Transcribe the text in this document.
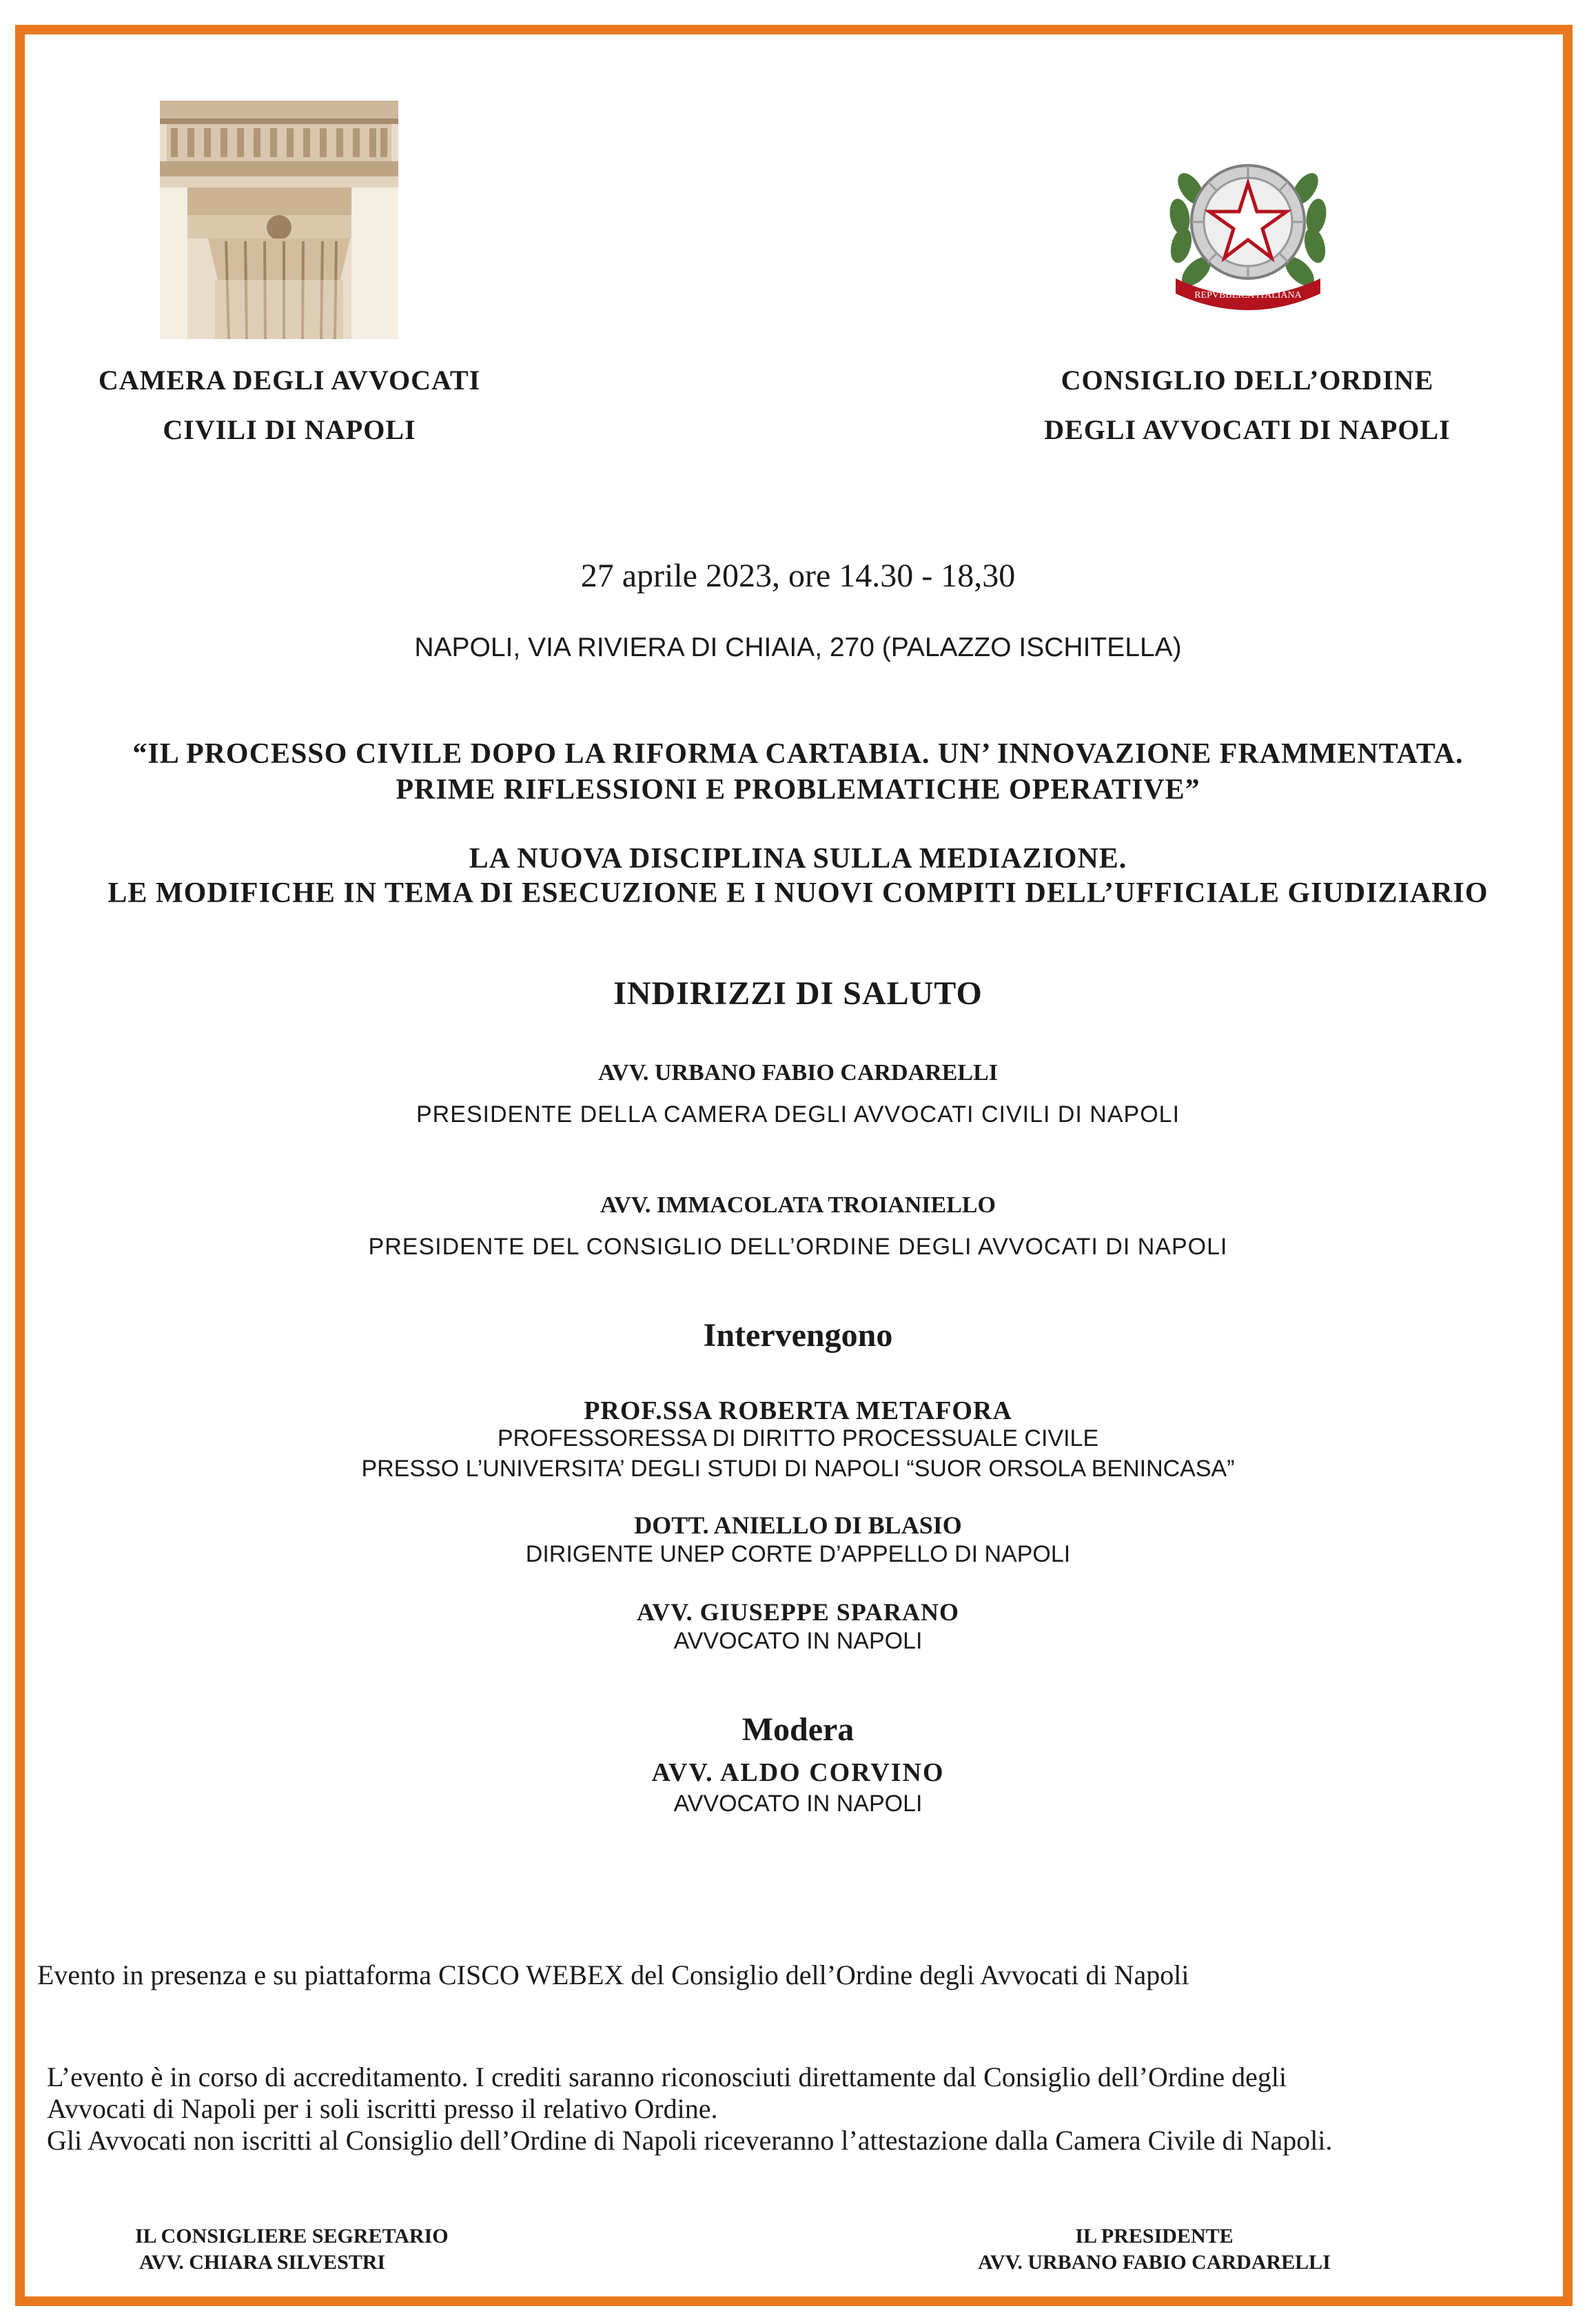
REPVBBLICA ITALIANA
CAMERA DEGLI AVVOCATI
CIVILI DI NAPOLI
CONSIGLIO DELL’ORDINE
DEGLI AVVOCATI DI NAPOLI
27 aprile 2023, ore 14.30 - 18,30
NAPOLI, VIA RIVIERA DI CHIAIA, 270 (PALAZZO ISCHITELLA)
“IL PROCESSO CIVILE DOPO LA RIFORMA CARTABIA. UN’ INNOVAZIONE FRAMMENTATA.
PRIME RIFLESSIONI E PROBLEMATICHE OPERATIVE”
LA NUOVA DISCIPLINA SULLA MEDIAZIONE.
LE MODIFICHE IN TEMA DI ESECUZIONE E I NUOVI COMPITI DELL’UFFICIALE GIUDIZIARIO
INDIRIZZI DI SALUTO
AVV. URBANO FABIO CARDARELLI
PRESIDENTE DELLA CAMERA DEGLI AVVOCATI CIVILI DI NAPOLI
AVV. IMMACOLATA TROIANIELLO
PRESIDENTE DEL CONSIGLIO DELL’ORDINE DEGLI AVVOCATI DI NAPOLI
Intervengono
PROF.SSA ROBERTA METAFORA
PROFESSORESSA DI DIRITTO PROCESSUALE CIVILE
PRESSO L’UNIVERSITA’ DEGLI STUDI DI NAPOLI “SUOR ORSOLA BENINCASA”
DOTT. ANIELLO DI BLASIO
DIRIGENTE UNEP CORTE D’APPELLO DI NAPOLI
AVV. GIUSEPPE SPARANO
AVVOCATO IN NAPOLI
Modera
AVV. ALDO CORVINO
AVVOCATO IN NAPOLI
Evento in presenza e su piattaforma CISCO WEBEX del Consiglio dell’Ordine degli Avvocati di Napoli
L’evento è in corso di accreditamento. I crediti saranno riconosciuti direttamente dal Consiglio dell’Ordine degli
Avvocati di Napoli per i soli iscritti presso il relativo Ordine.
Gli Avvocati non iscritti al Consiglio dell’Ordine di Napoli riceveranno l’attestazione dalla Camera Civile di Napoli.
IL CONSIGLIERE SEGRETARIO
AVV. CHIARA SILVESTRI
IL PRESIDENTE
AVV. URBANO FABIO CARDARELLI
